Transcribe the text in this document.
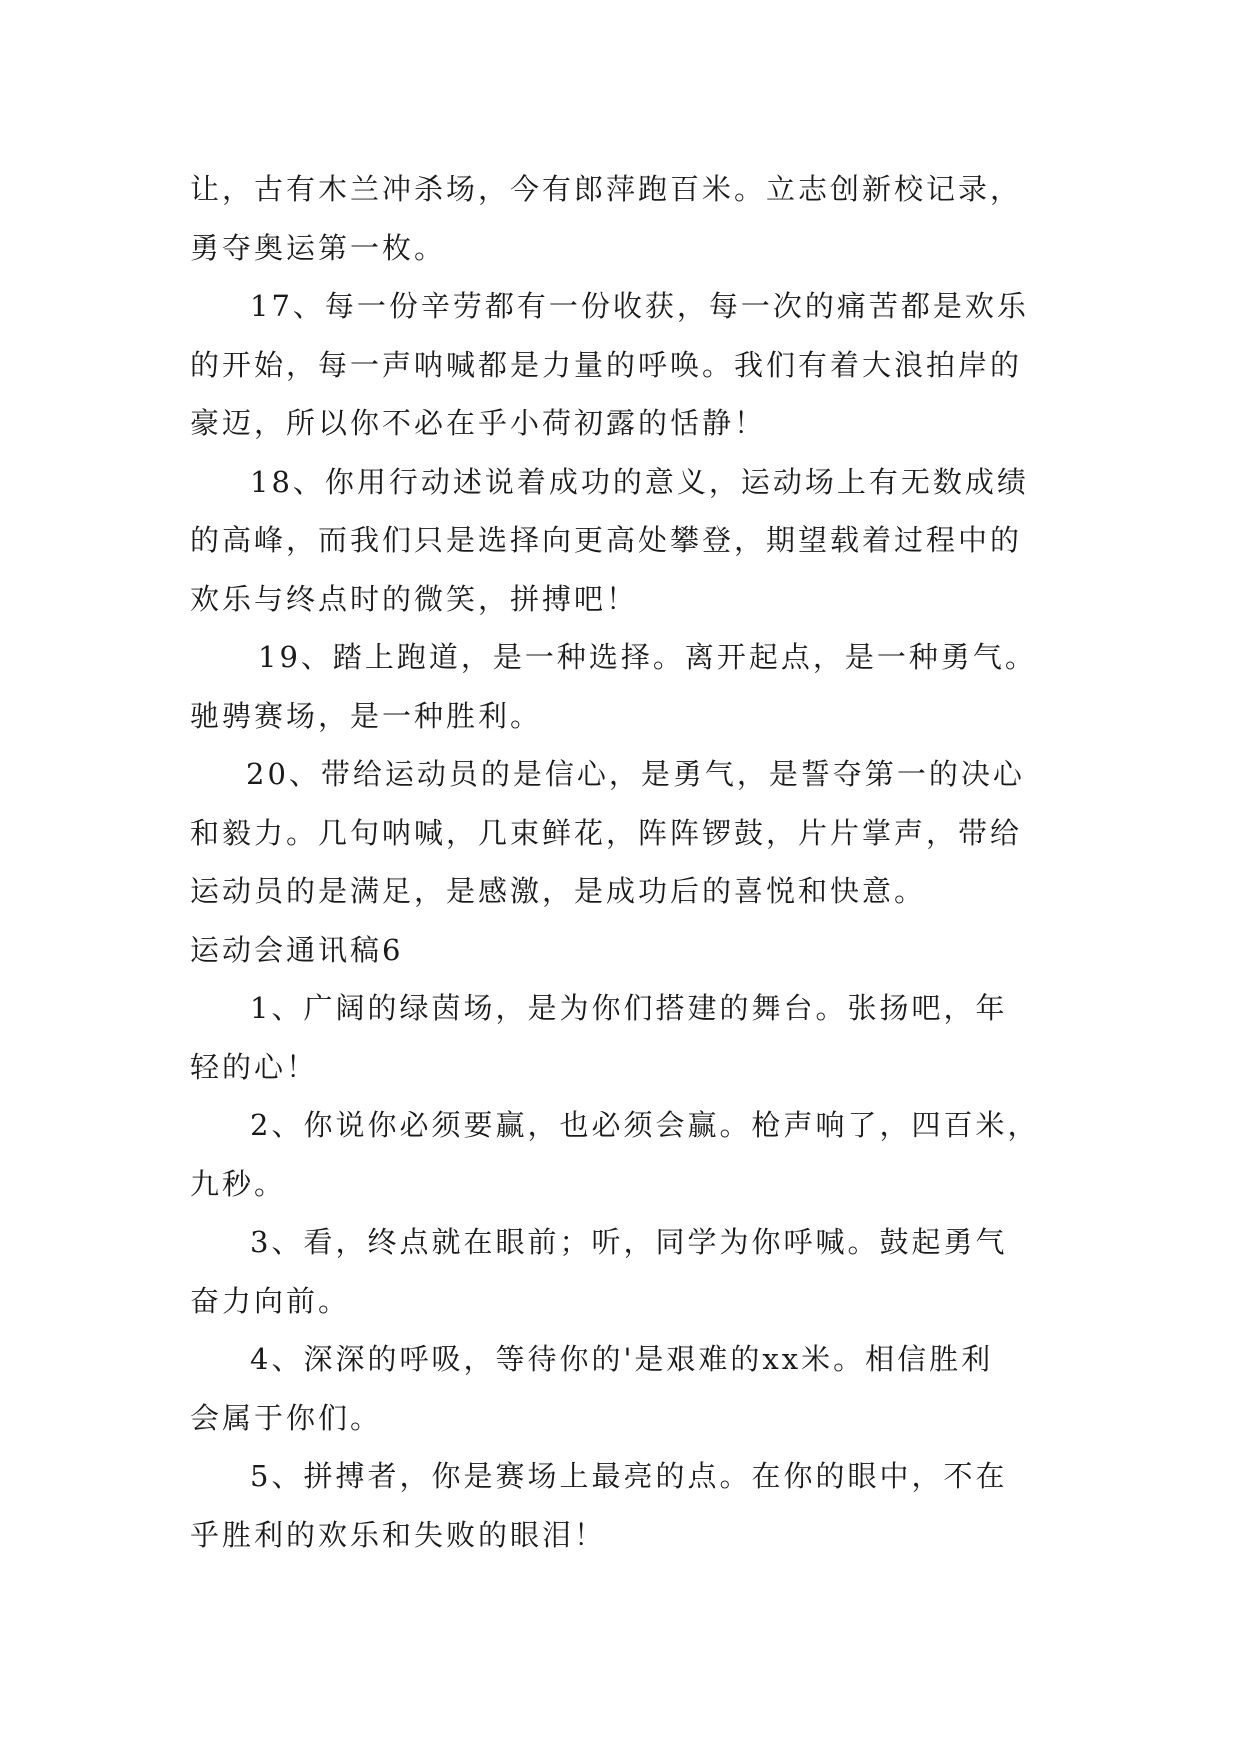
让，古有木兰冲杀场，今有郎萍跑百米。立志创新校记录，
勇夺奥运第一枚。
17、每一份辛劳都有一份收获，每一次的痛苦都是欢乐
的开始，每一声呐喊都是力量的呼唤。我们有着大浪拍岸的
豪迈，所以你不必在乎小荷初露的恬静！
18、你用行动述说着成功的意义，运动场上有无数成绩
的高峰，而我们只是选择向更高处攀登，期望载着过程中的
欢乐与终点时的微笑，拼搏吧！
19、踏上跑道，是一种选择。离开起点，是一种勇气。
驰骋赛场，是一种胜利。
20、带给运动员的是信心，是勇气，是誓夺第一的决心
和毅力。几句呐喊，几束鲜花，阵阵锣鼓，片片掌声，带给
运动员的是满足，是感激，是成功后的喜悦和快意。
运动会通讯稿6
1、广阔的绿茵场，是为你们搭建的舞台。张扬吧，年
轻的心！
2、你说你必须要赢，也必须会赢。枪声响了，四百米，
九秒。
3、看，终点就在眼前；听，同学为你呼喊。鼓起勇气
奋力向前。
4、深深的呼吸，等待你的'是艰难的xx米。相信胜利
会属于你们。
5、拼搏者，你是赛场上最亮的点。在你的眼中，不在
乎胜利的欢乐和失败的眼泪！
